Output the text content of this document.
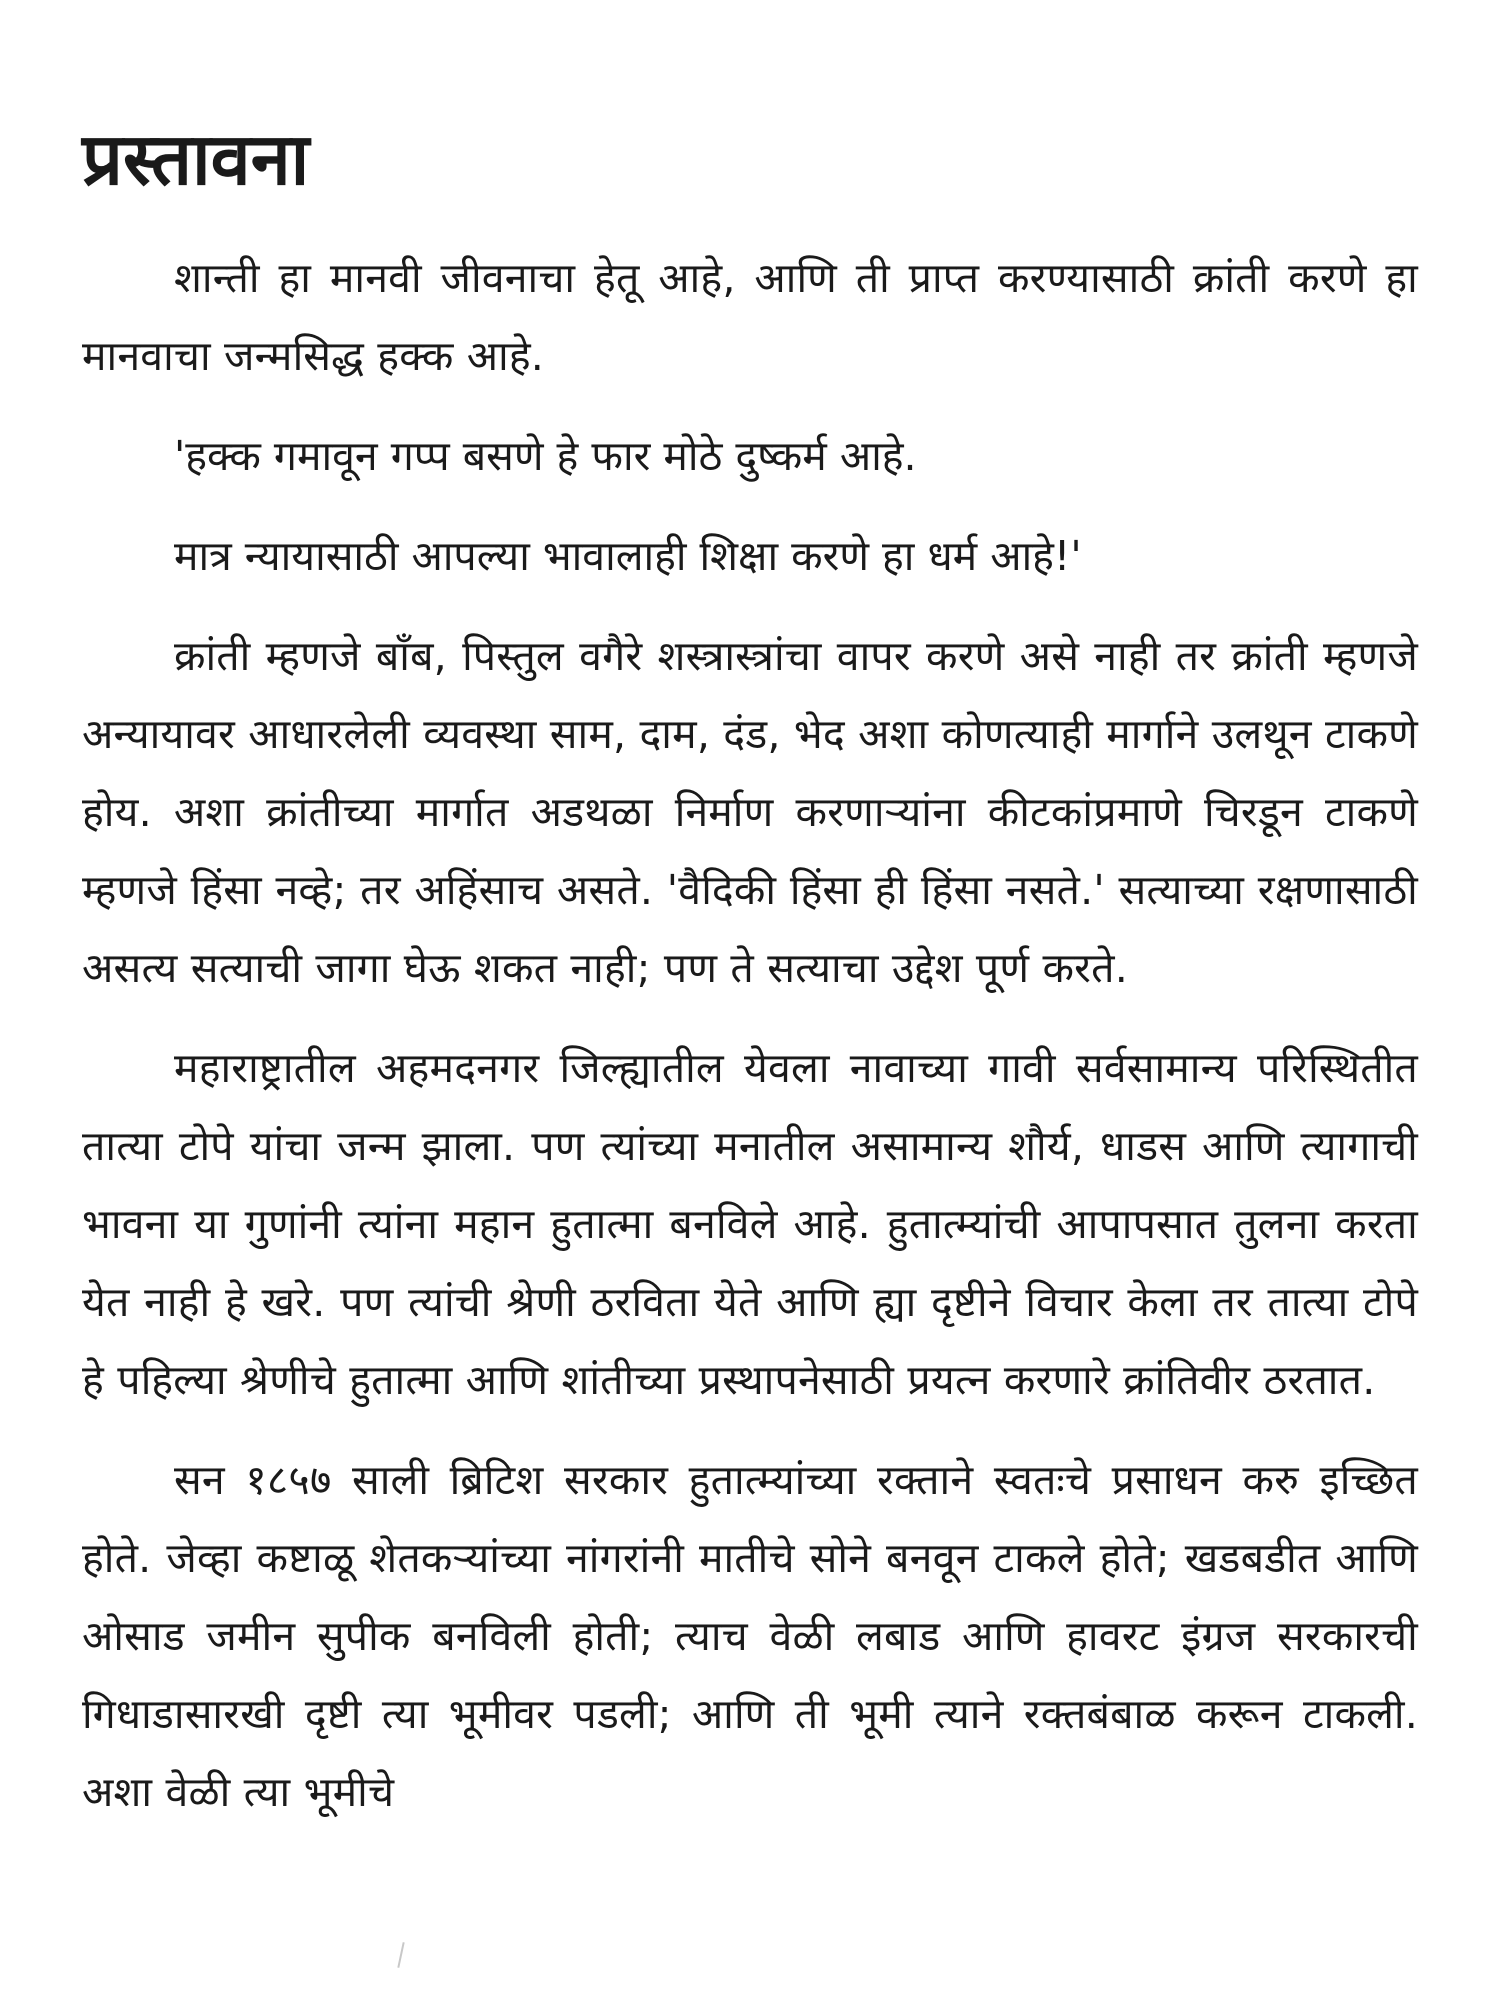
प्रस्तावना

शान्ती हा मानवी जीवनाचा हेतू आहे, आणि ती प्राप्त करण्यासाठी क्रांती करणे हा मानवाचा जन्मसिद्ध हक्क आहे.

'हक्क गमावून गप्प बसणे हे फार मोठे दुष्कर्म आहे.

मात्र न्यायासाठी आपल्या भावालाही शिक्षा करणे हा धर्म आहे!'

क्रांती म्हणजे बाँब, पिस्तुल वगैरे शस्त्रास्त्रांचा वापर करणे असे नाही तर क्रांती म्हणजे अन्यायावर आधारलेली व्यवस्था साम, दाम, दंड, भेद अशा कोणत्याही मार्गाने उलथून टाकणे होय. अशा क्रांतीच्या मार्गात अडथळा निर्माण करणाऱ्यांना कीटकांप्रमाणे चिरडून टाकणे म्हणजे हिंसा नव्हे; तर अहिंसाच असते. 'वैदिकी हिंसा ही हिंसा नसते.' सत्याच्या रक्षणासाठी असत्य सत्याची जागा घेऊ शकत नाही; पण ते सत्याचा उद्देश पूर्ण करते.

महाराष्ट्रातील अहमदनगर जिल्ह्यातील येवला नावाच्या गावी सर्वसामान्य परिस्थितीत तात्या टोपे यांचा जन्म झाला. पण त्यांच्या मनातील असामान्य शौर्य, धाडस आणि त्यागाची भावना या गुणांनी त्यांना महान हुतात्मा बनविले आहे. हुतात्म्यांची आपापसात तुलना करता येत नाही हे खरे. पण त्यांची श्रेणी ठरविता येते आणि ह्या दृष्टीने विचार केला तर तात्या टोपे हे पहिल्या श्रेणीचे हुतात्मा आणि शांतीच्या प्रस्थापनेसाठी प्रयत्न करणारे क्रांतिवीर ठरतात.

सन १८५७ साली ब्रिटिश सरकार हुतात्म्यांच्या रक्ताने स्वतःचे प्रसाधन करु इच्छित होते. जेव्हा कष्टाळू शेतकऱ्यांच्या नांगरांनी मातीचे सोने बनवून टाकले होते; खडबडीत आणि ओसाड जमीन सुपीक बनविली होती; त्याच वेळी लबाड आणि हावरट इंग्रज सरकारची गिधाडासारखी दृष्टी त्या भूमीवर पडली; आणि ती भूमी त्याने रक्तबंबाळ करून टाकली. अशा वेळी त्या भूमीचे
